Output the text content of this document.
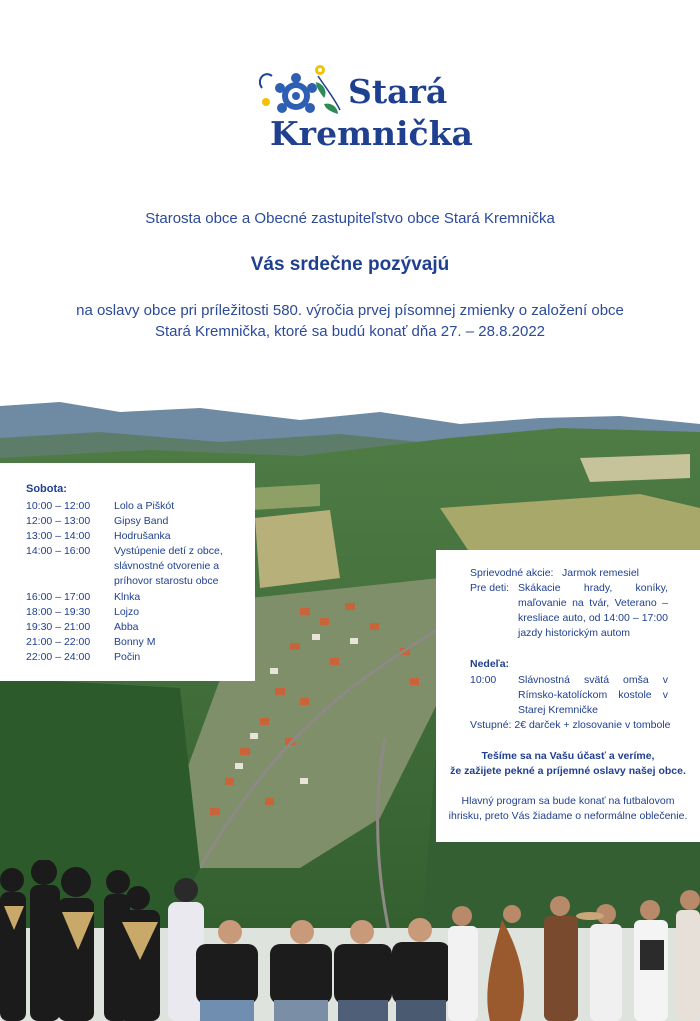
Stará
Kremnička
Starosta obce a Obecné zastupiteľstvo obce Stará Kremnička
Vás srdečne pozývajú
na oslavy obce pri príležitosti 580. výročia prvej písomnej zmienky o založení obce
Stará Kremnička, ktoré sa budú konať dňa 27. – 28.8.2022
Sobota:
10:00 – 12:00	Lolo a Piškót
12:00 – 13:00	Gipsy Band
13:00 – 14:00	Hodrušanka
14:00 – 16:00	Vystúpenie detí z obce, slávnostné otvorenie a príhovor starostu obce
16:00 – 17:00	Klnka
18:00 – 19:30	Lojzo
19:30 – 21:00	Abba
21:00 – 22:00	Bonny M
22:00 – 24:00	Počin
Sprievodné akcie: Jarmok remesiel
Pre deti: Skákacie hrady, koníky, maľovanie na tvár, Veterano – kresliace auto, od 14:00 – 17:00 jazdy historickým autom
Nedeľa:
10:00 Slávnostná svätá omša v Rímsko-katolíckom kostole v Starej Kremničke
Vstupné: 2€ darček + zlosovanie v tombole
Tešíme sa na Vašu účasť a veríme,
že zažijete pekné a príjemné oslavy našej obce.
Hlavný program sa bude konať na futbalovom
ihrisku, preto Vás žiadame o neformálne oblečenie.
